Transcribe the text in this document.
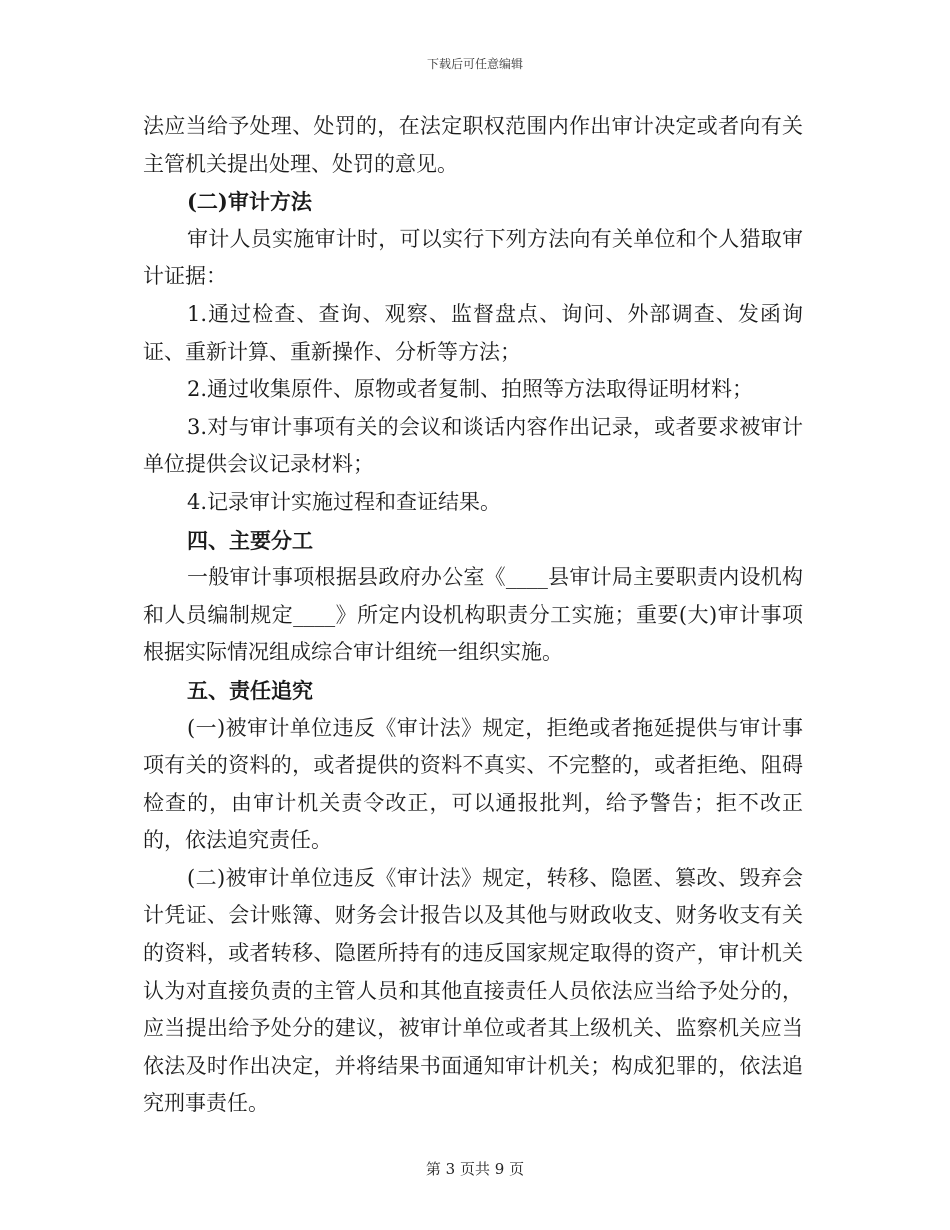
下载后可任意编辑

法应当给予处理、处罚的，在法定职权范围内作出审计决定或者向有关主管机关提出处理、处罚的意见。

(二)审计方法

审计人员实施审计时，可以实行下列方法向有关单位和个人猎取审计证据：

1.通过检查、查询、观察、监督盘点、询问、外部调查、发函询证、重新计算、重新操作、分析等方法；

2.通过收集原件、原物或者复制、拍照等方法取得证明材料；

3.对与审计事项有关的会议和谈话内容作出记录，或者要求被审计单位提供会议记录材料；

4.记录审计实施过程和查证结果。

四、主要分工

一般审计事项根据县政府办公室《____县审计局主要职责内设机构和人员编制规定____》所定内设机构职责分工实施；重要(大)审计事项根据实际情况组成综合审计组统一组织实施。

五、责任追究

(一)被审计单位违反《审计法》规定，拒绝或者拖延提供与审计事项有关的资料的，或者提供的资料不真实、不完整的，或者拒绝、阻碍检查的，由审计机关责令改正，可以通报批判，给予警告；拒不改正的，依法追究责任。

(二)被审计单位违反《审计法》规定，转移、隐匿、篡改、毁弃会计凭证、会计账簿、财务会计报告以及其他与财政收支、财务收支有关的资料，或者转移、隐匿所持有的违反国家规定取得的资产，审计机关认为对直接负责的主管人员和其他直接责任人员依法应当给予处分的，应当提出给予处分的建议，被审计单位或者其上级机关、监察机关应当依法及时作出决定，并将结果书面通知审计机关；构成犯罪的，依法追究刑事责任。

第 3 页共 9 页
